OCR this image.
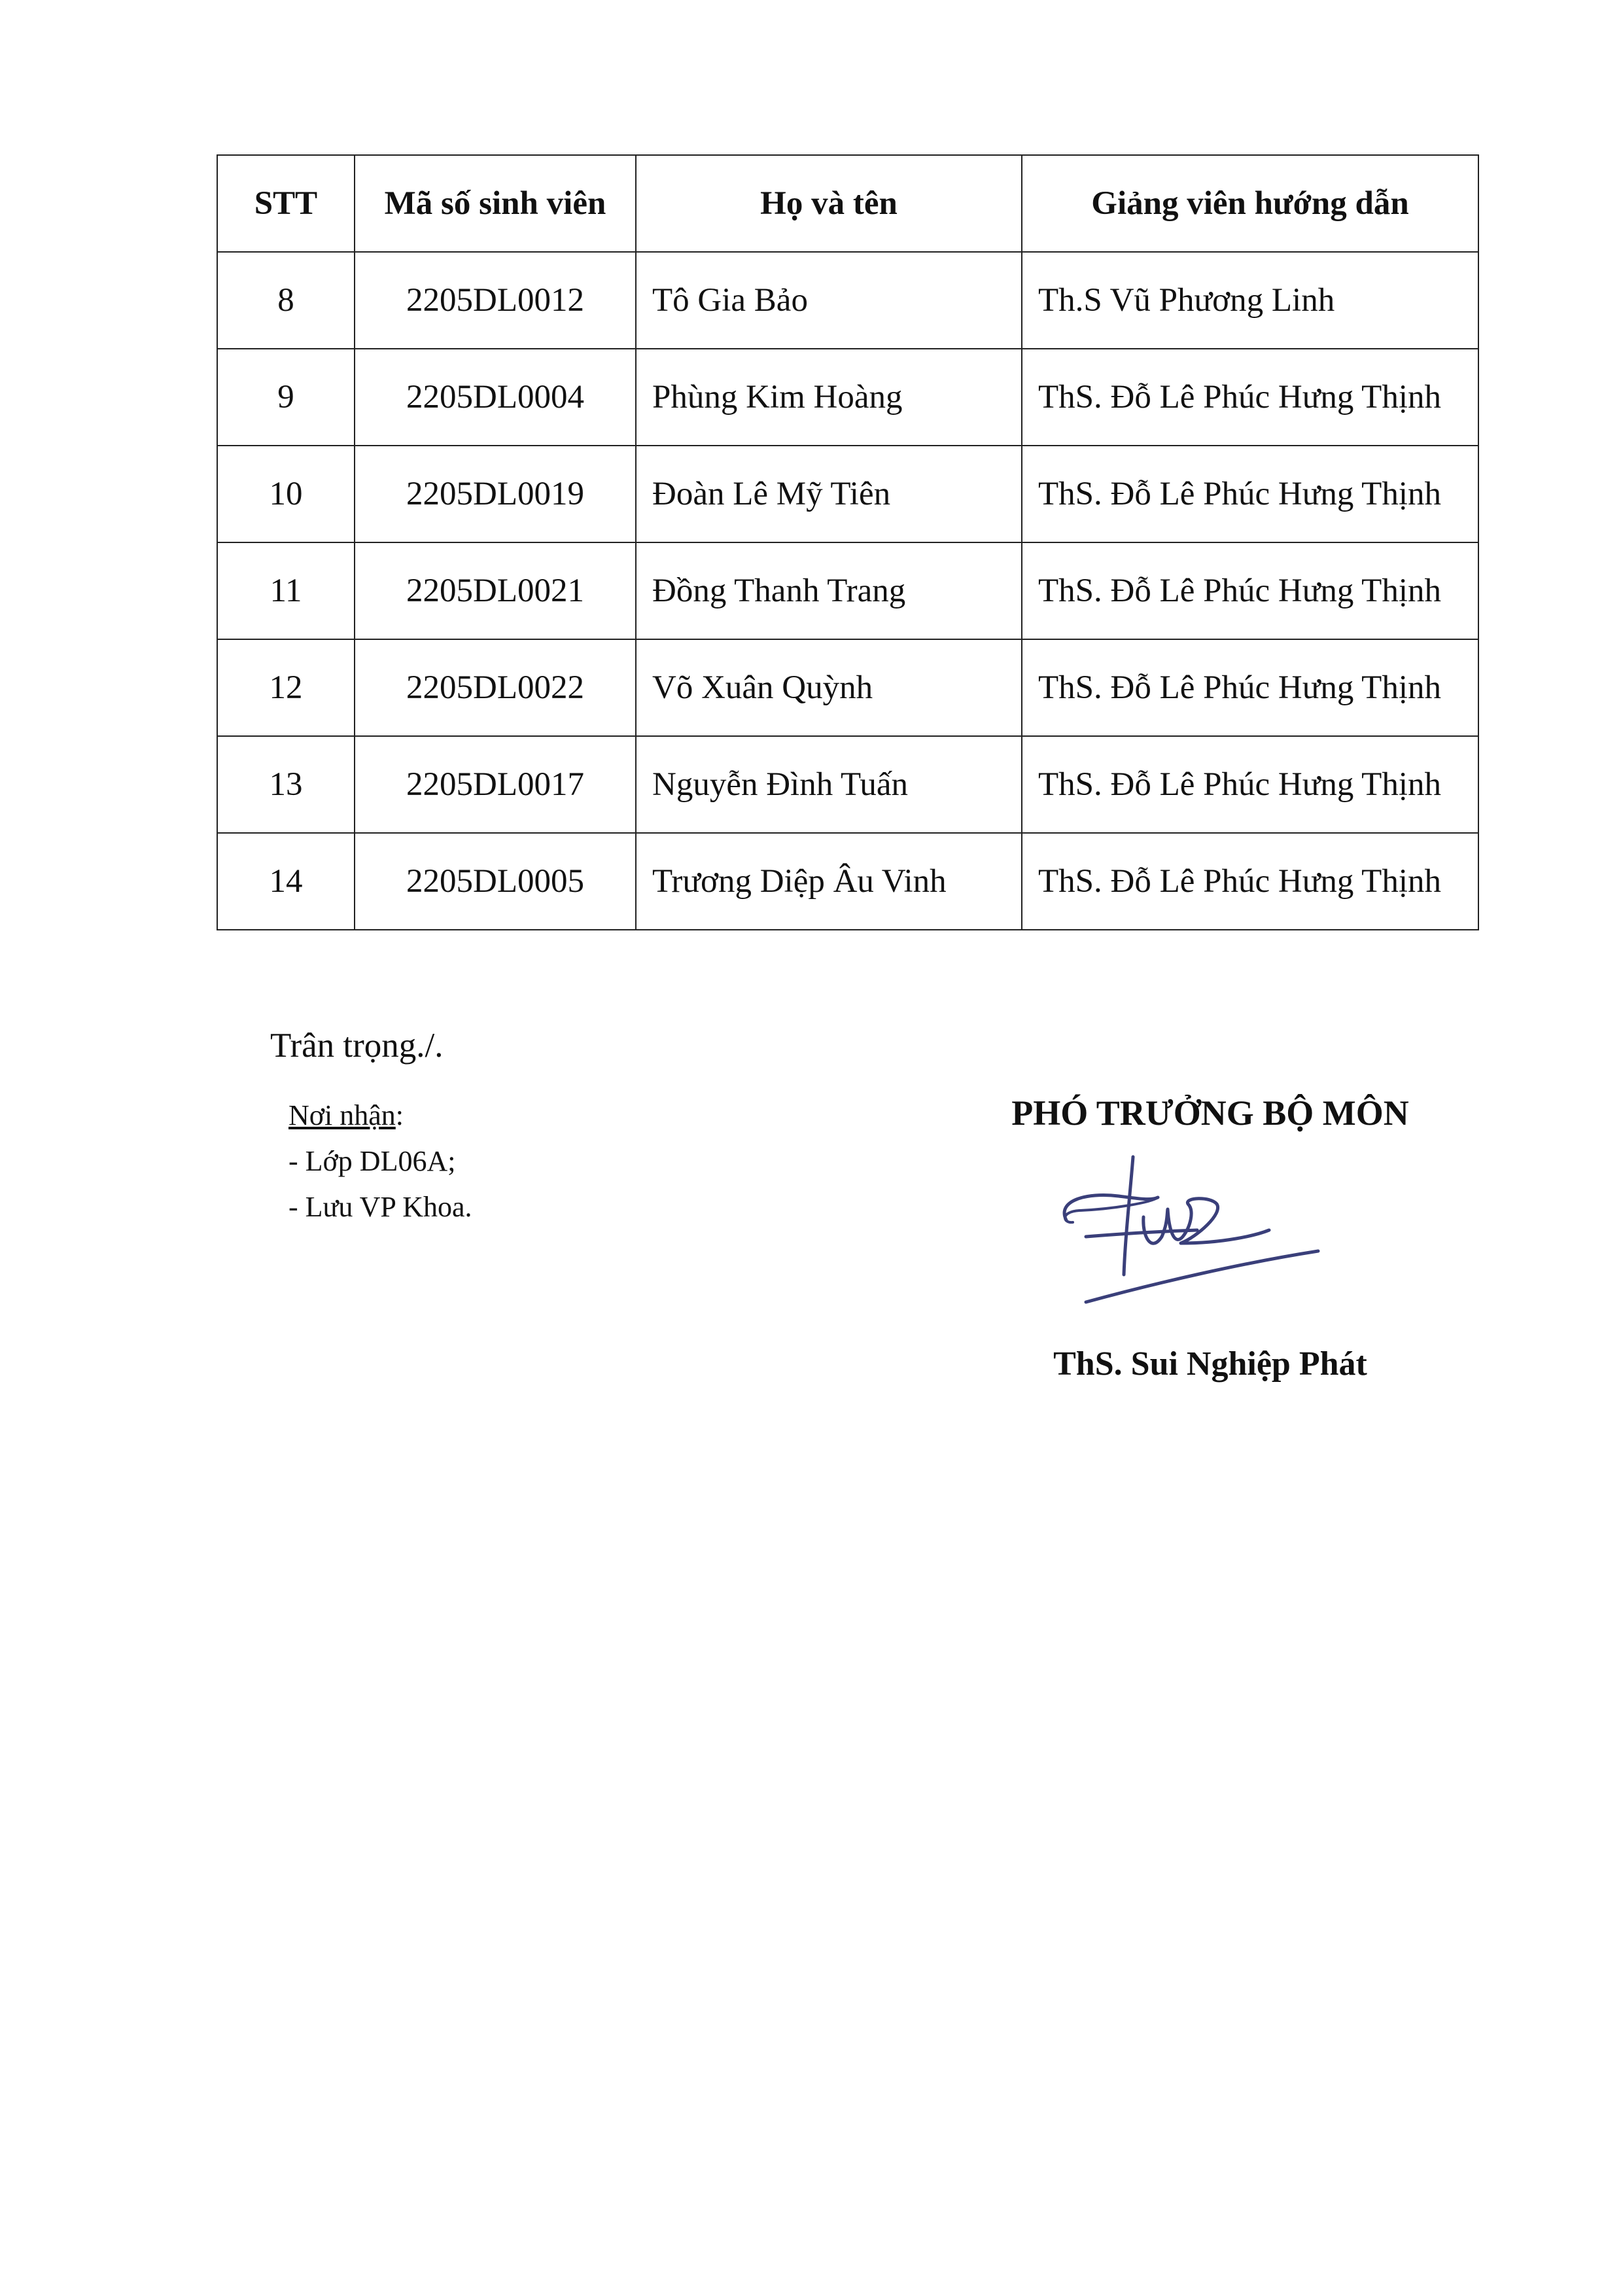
STT	Mã số sinh viên	Họ và tên	Giảng viên hướng dẫn
8	2205DL0012	Tô Gia Bảo	Th.S Vũ Phương Linh
9	2205DL0004	Phùng Kim Hoàng	ThS. Đỗ Lê Phúc Hưng Thịnh
10	2205DL0019	Đoàn Lê Mỹ Tiên	ThS. Đỗ Lê Phúc Hưng Thịnh
11	2205DL0021	Đồng Thanh Trang	ThS. Đỗ Lê Phúc Hưng Thịnh
12	2205DL0022	Võ Xuân Quỳnh	ThS. Đỗ Lê Phúc Hưng Thịnh
13	2205DL0017	Nguyễn Đình Tuấn	ThS. Đỗ Lê Phúc Hưng Thịnh
14	2205DL0005	Trương Diệp Âu Vinh	ThS. Đỗ Lê Phúc Hưng Thịnh
Trân trọng./.
Nơi nhận:
- Lớp DL06A;
- Lưu VP Khoa.
PHÓ TRƯỞNG BỘ MÔN
ThS. Sui Nghiệp Phát
